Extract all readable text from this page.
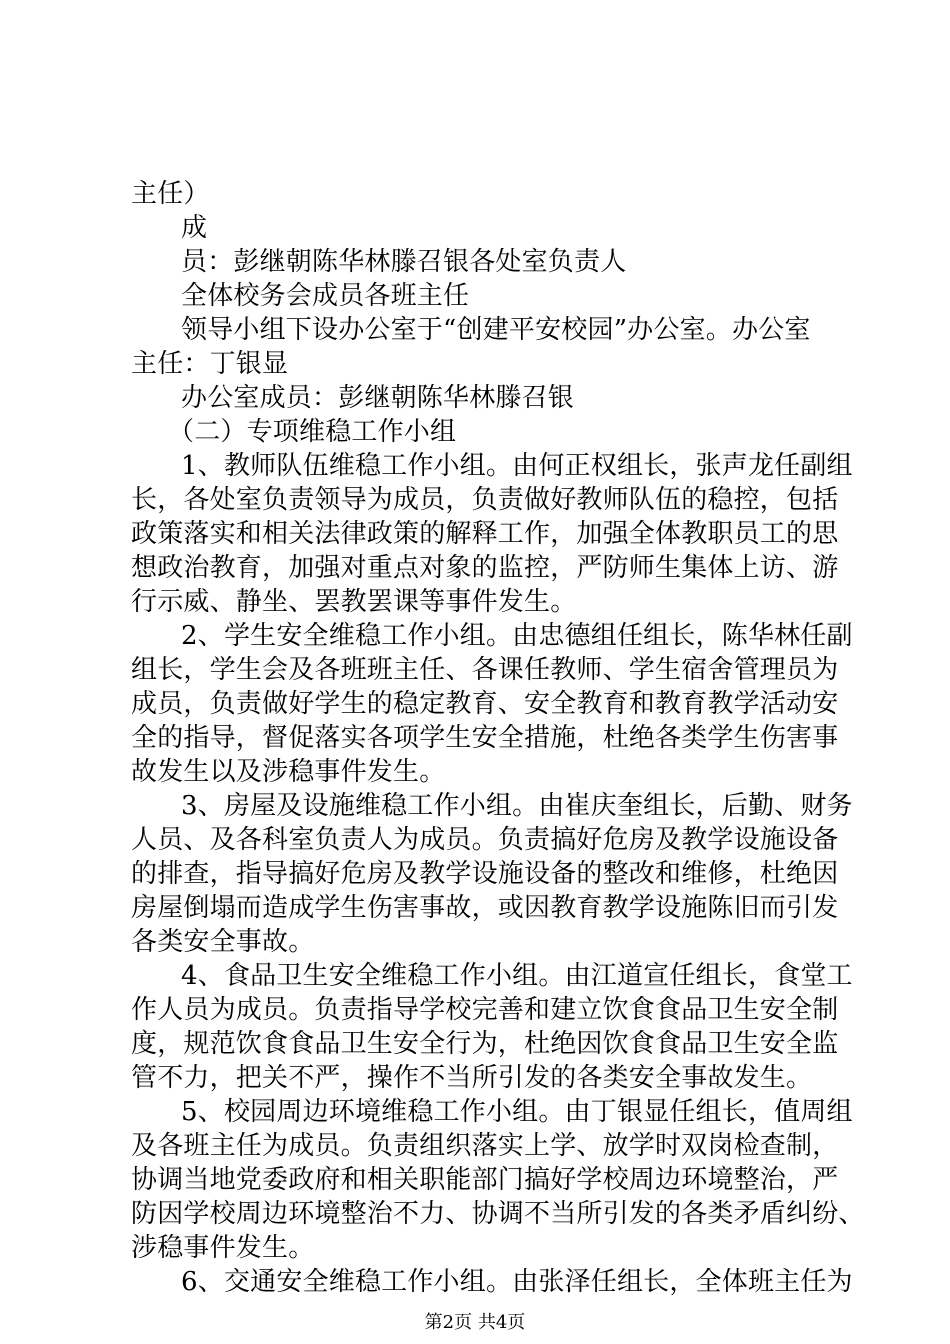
主任）
成
员：彭继朝陈华林滕召银各处室负责人
全体校务会成员各班主任
领导小组下设办公室于“创建平安校园”办公室。办公室
主任：丁银显
办公室成员：彭继朝陈华林滕召银
（二）专项维稳工作小组
1、教师队伍维稳工作小组。由何正权组长，张声龙任副组
长，各处室负责领导为成员，负责做好教师队伍的稳控，包括
政策落实和相关法律政策的解释工作，加强全体教职员工的思
想政治教育，加强对重点对象的监控，严防师生集体上访、游
行示威、静坐、罢教罢课等事件发生。
2、学生安全维稳工作小组。由忠德组任组长，陈华林任副
组长，学生会及各班班主任、各课任教师、学生宿舍管理员为
成员，负责做好学生的稳定教育、安全教育和教育教学活动安
全的指导，督促落实各项学生安全措施，杜绝各类学生伤害事
故发生以及涉稳事件发生。
3、房屋及设施维稳工作小组。由崔庆奎组长，后勤、财务
人员、及各科室负责人为成员。负责搞好危房及教学设施设备
的排查，指导搞好危房及教学设施设备的整改和维修，杜绝因
房屋倒塌而造成学生伤害事故，或因教育教学设施陈旧而引发
各类安全事故。
4、食品卫生安全维稳工作小组。由江道宣任组长，食堂工
作人员为成员。负责指导学校完善和建立饮食食品卫生安全制
度，规范饮食食品卫生安全行为，杜绝因饮食食品卫生安全监
管不力，把关不严，操作不当所引发的各类安全事故发生。
5、校园周边环境维稳工作小组。由丁银显任组长，值周组
及各班主任为成员。负责组织落实上学、放学时双岗检查制，
协调当地党委政府和相关职能部门搞好学校周边环境整治，严
防因学校周边环境整治不力、协调不当所引发的各类矛盾纠纷、
涉稳事件发生。
6、交通安全维稳工作小组。由张泽任组长，全体班主任为
第2页 共4页
